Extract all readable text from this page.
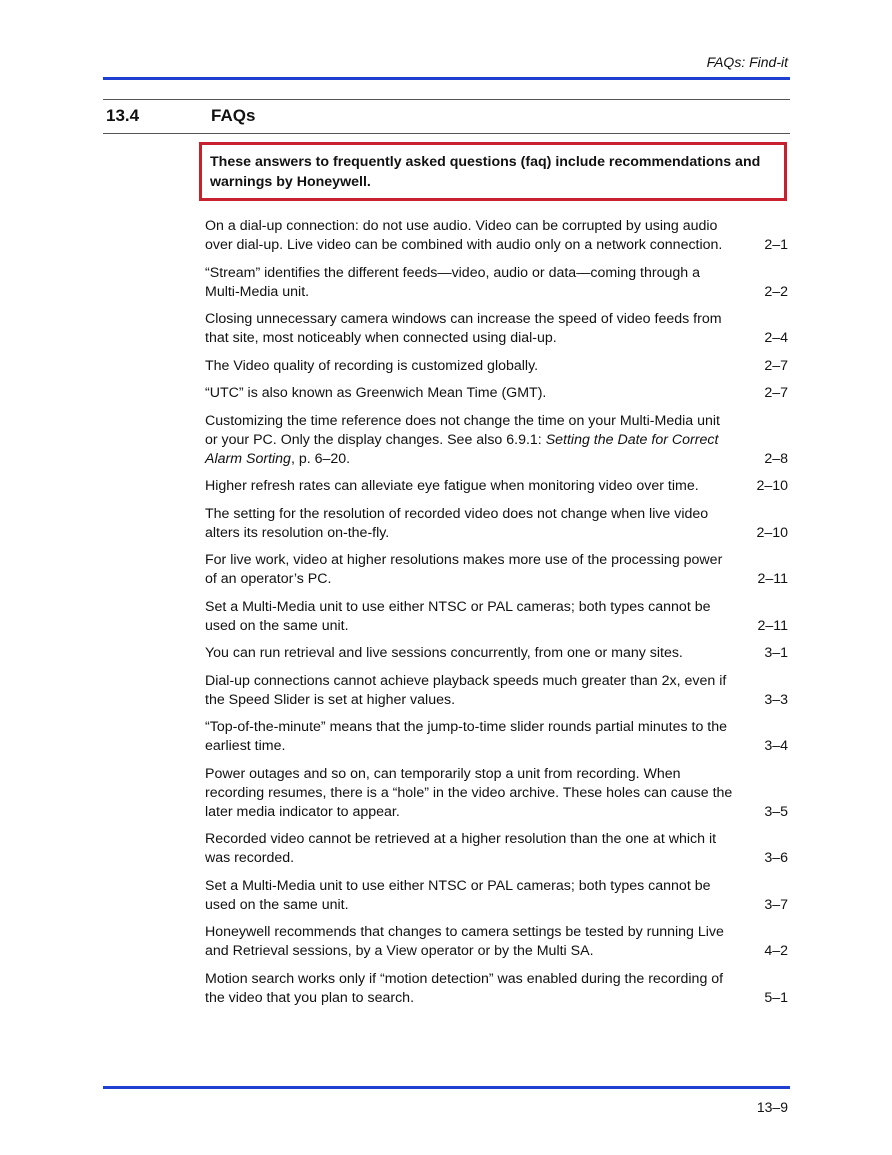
FAQs: Find-it
13.4	FAQs
These answers to frequently asked questions (faq) include recommendations and warnings by Honeywell.
On a dial-up connection: do not use audio. Video can be corrupted by using audio over dial-up. Live video can be combined with audio only on a network connection.	2–1
“Stream” identifies the different feeds—video, audio or data—coming through a Multi-Media unit.	2–2
Closing unnecessary camera windows can increase the speed of video feeds from that site, most noticeably when connected using dial-up.	2–4
The Video quality of recording is customized globally.	2–7
“UTC” is also known as Greenwich Mean Time (GMT).	2–7
Customizing the time reference does not change the time on your Multi-Media unit or your PC. Only the display changes. See also 6.9.1: Setting the Date for Correct Alarm Sorting, p. 6–20.	2–8
Higher refresh rates can alleviate eye fatigue when monitoring video over time.	2–10
The setting for the resolution of recorded video does not change when live video alters its resolution on-the-fly.	2–10
For live work, video at higher resolutions makes more use of the processing power of an operator’s PC.	2–11
Set a Multi-Media unit to use either NTSC or PAL cameras; both types cannot be used on the same unit.	2–11
You can run retrieval and live sessions concurrently, from one or many sites.	3–1
Dial-up connections cannot achieve playback speeds much greater than 2x, even if the Speed Slider is set at higher values.	3–3
“Top-of-the-minute” means that the jump-to-time slider rounds partial minutes to the earliest time.	3–4
Power outages and so on, can temporarily stop a unit from recording. When recording resumes, there is a “hole” in the video archive. These holes can cause the later media indicator to appear.	3–5
Recorded video cannot be retrieved at a higher resolution than the one at which it was recorded.	3–6
Set a Multi-Media unit to use either NTSC or PAL cameras; both types cannot be used on the same unit.	3–7
Honeywell recommends that changes to camera settings be tested by running Live and Retrieval sessions, by a View operator or by the Multi SA.	4–2
Motion search works only if “motion detection” was enabled during the recording of the video that you plan to search.	5–1
13–9
